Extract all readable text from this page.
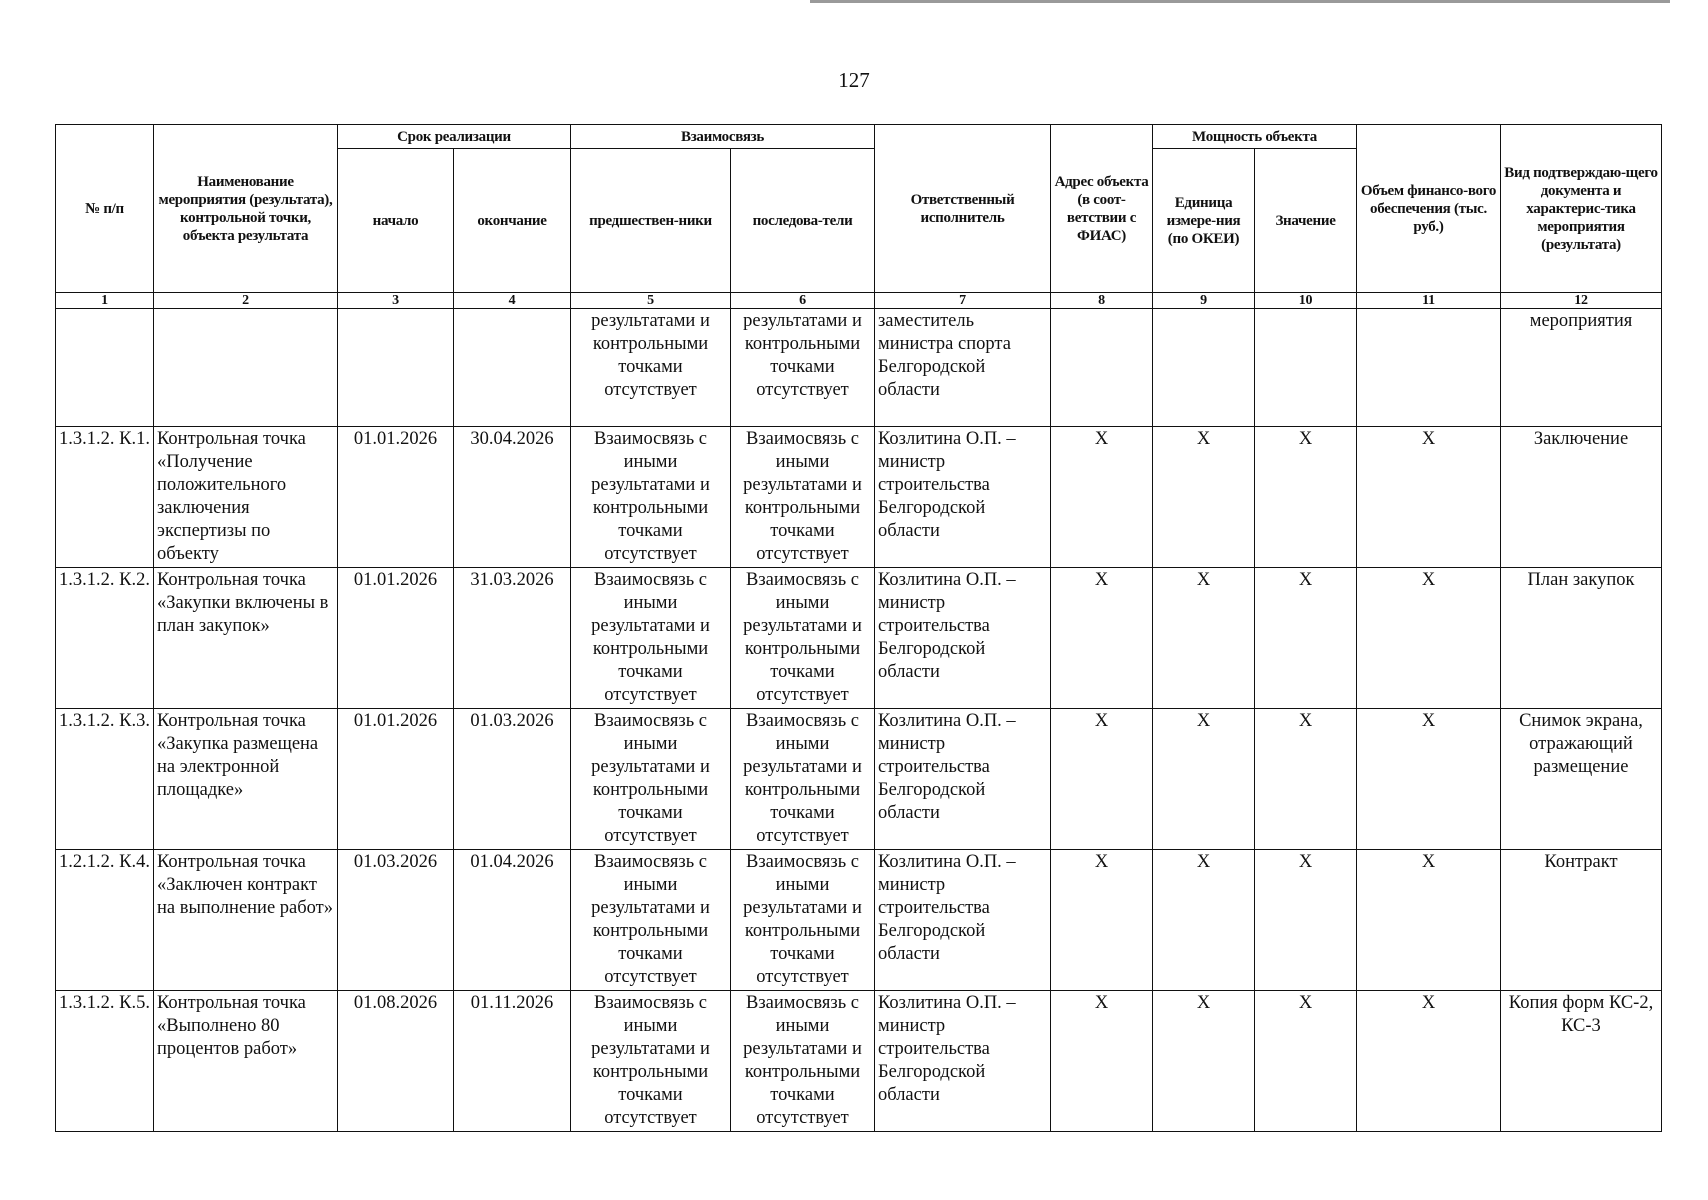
127
№ п/п	Наименование мероприятия (результата), контрольной точки, объекта результата	Срок реализации		Взаимосвязь		Ответственный исполнитель	Адрес объекта (в соот-ветствии с ФИАС)	Мощность объекта		Объем финансо-вого обеспечения (тыс. руб.)	Вид подтверждаю-щего документа и характерис-тика мероприятия (результата)
		начало	окончание	предшествен-ники	последова-тели			Единица измере-ния (по ОКЕИ)	Значение		
1	2	3	4	5	6	7	8	9	10	11	12
				результатами и контрольными точками отсутствует	результатами и контрольными точками отсутствует	заместитель министра спорта Белгородской области					мероприятия
1.3.1.2. К.1.	Контрольная точка «Получение положительного заключения экспертизы по объекту	01.01.2026	30.04.2026	Взаимосвязь с иными результатами и контрольными точками отсутствует	Взаимосвязь с иными результатами и контрольными точками отсутствует	Козлитина О.П. – министр строительства Белгородской области	X	X	X	X	Заключение
1.3.1.2. К.2.	Контрольная точка «Закупки включены в план закупок»	01.01.2026	31.03.2026	Взаимосвязь с иными результатами и контрольными точками отсутствует	Взаимосвязь с иными результатами и контрольными точками отсутствует	Козлитина О.П. – министр строительства Белгородской области	X	X	X	X	План закупок
1.3.1.2. К.3.	Контрольная точка «Закупка размещена на электронной площадке»	01.01.2026	01.03.2026	Взаимосвязь с иными результатами и контрольными точками отсутствует	Взаимосвязь с иными результатами и контрольными точками отсутствует	Козлитина О.П. – министр строительства Белгородской области	X	X	X	X	Снимок экрана, отражающий размещение
1.2.1.2. К.4.	Контрольная точка «Заключен контракт на выполнение работ»	01.03.2026	01.04.2026	Взаимосвязь с иными результатами и контрольными точками отсутствует	Взаимосвязь с иными результатами и контрольными точками отсутствует	Козлитина О.П. – министр строительства Белгородской области	X	X	X	X	Контракт
1.3.1.2. К.5.	Контрольная точка «Выполнено 80 процентов работ»	01.08.2026	01.11.2026	Взаимосвязь с иными результатами и контрольными точками отсутствует	Взаимосвязь с иными результатами и контрольными точками отсутствует	Козлитина О.П. – министр строительства Белгородской области	X	X	X	X	Копия форм КС-2, КС-3
